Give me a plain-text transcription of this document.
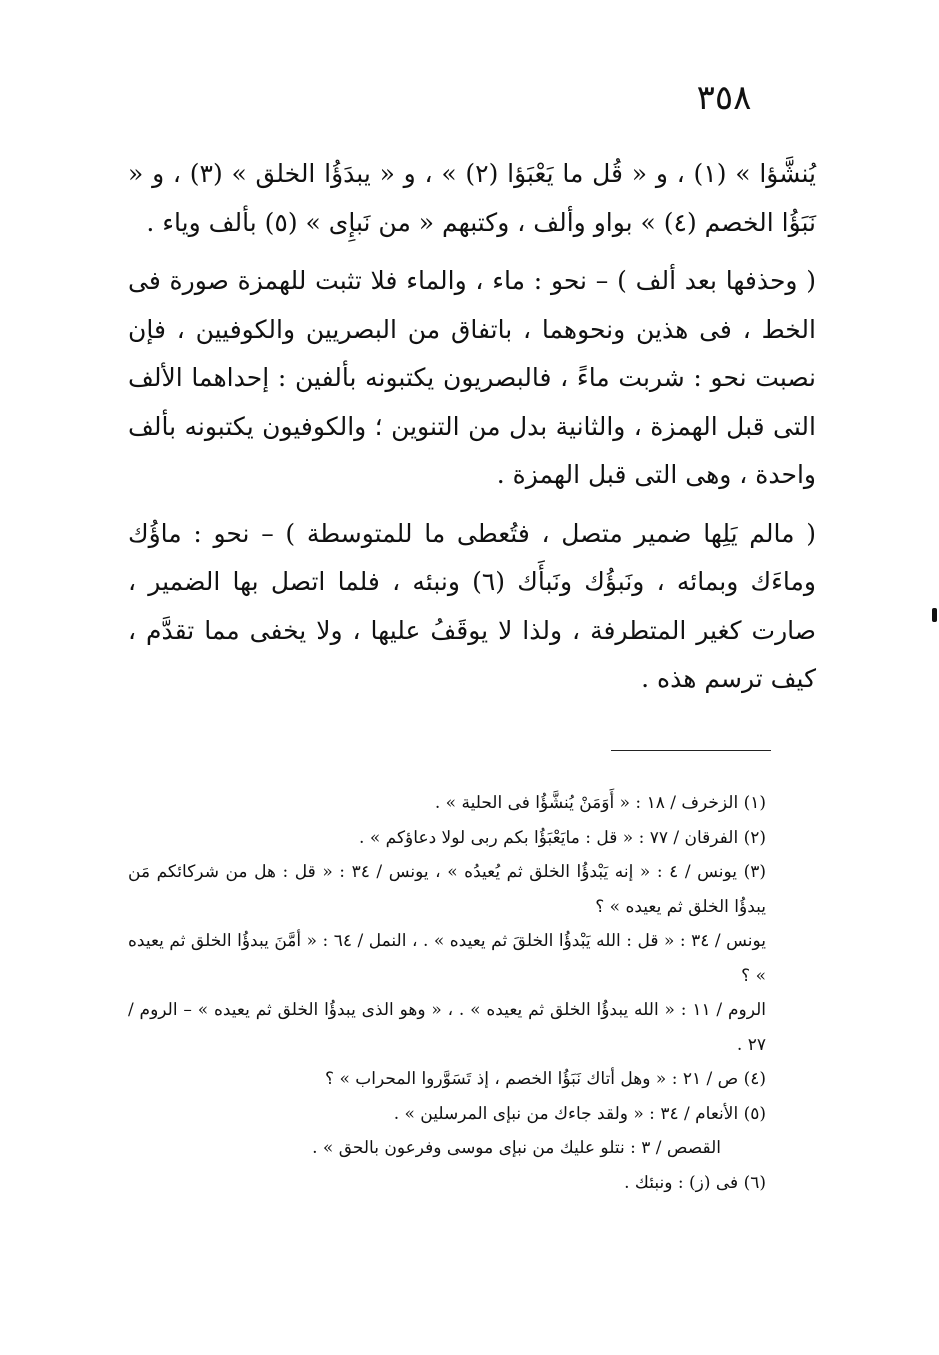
٣٥٨

يُنشَّؤا » (١) ، و « قُل ما يَعْبَؤا (٢) » ، و « يبدَؤُا الخلق » (٣) ، و « نَبَؤُا الخصم (٤) » بواو وألف ، وكتبهم « من نَبإِى » (٥) بألف وياء .

( وحذفها بعد ألف ) – نحو : ماء ، والماء فلا تثبت للهمزة صورة فى الخط ، فى هذين ونحوهما ، باتفاق من البصريين والكوفيين ، فإن نصبت نحو : شربت ماءً ، فالبصريون يكتبونه بألفين : إحداهما الألف التى قبل الهمزة ، والثانية بدل من التنوين ؛ والكوفيون يكتبونه بألف واحدة ، وهى التى قبل الهمزة .

( مالم يَلِها ضمير متصل ، فتُعطى ما للمتوسطة ) – نحو : ماؤُك وماءَك وبمائه ، ونَبؤُك ونَبأَك (٦) ونبئه ، فلما اتصل بها الضمير ، صارت كغير المتطرفة ، ولذا لا يوقَفُ عليها ، ولا يخفى مما تقدَّم ، كيف ترسم هذه .

(١) الزخرف / ١٨ : « أَوَمَنْ يُنشَّؤُا فى الحلية » .

(٢) الفرقان / ٧٧ : « قل : مايَعْبَؤُا بكم ربى لولا دعاؤكم » .

(٣) يونس / ٤ : « إنه يَبْدؤُا الخلق ثم يُعيدُه » ، يونس / ٣٤ : « قل : هل من شركائكم مَن يبدؤُا الخلق ثم يعيده » ؟

يونس / ٣٤ : « قل : الله يَبْدؤُا الخلقَ ثم يعيده » . ، النمل / ٦٤ : « أمَّنَ يبدؤُا الخلق ثم يعيده » ؟

الروم / ١١ : « الله يبدؤُا الخلق ثم يعيده » . ، « وهو الذى يبدؤُا الخلق ثم يعيده » – الروم / ٢٧ .

(٤) ص / ٢١ : « وهل أتاك نَبَؤُا الخصم ، إذ تَسَوَّروا المحراب » ؟

(٥) الأنعام / ٣٤ : « ولقد جاءك من نبإى المرسلين » .

القصص / ٣ : نتلو عليك من نبإى موسى وفرعون بالحق » .

(٦) فى (ز) : ونبئك .
